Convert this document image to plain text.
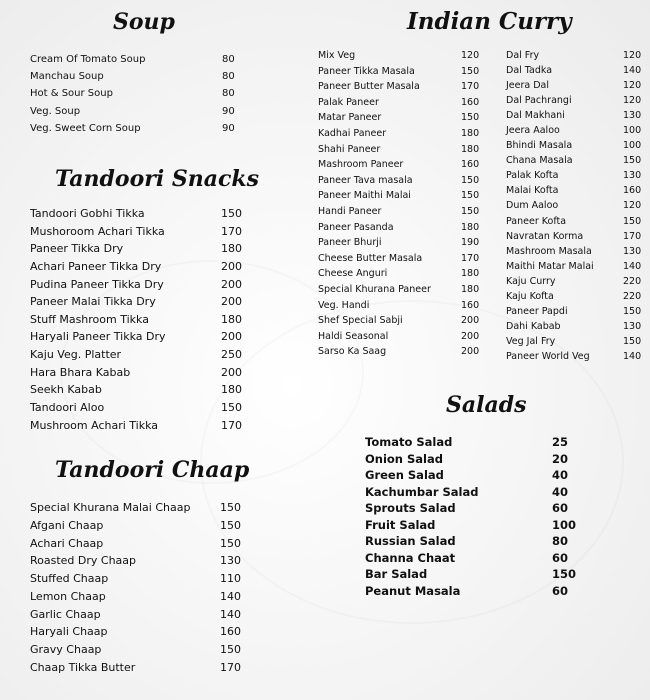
Soup
Cream Of Tomato Soup	80
Manchau Soup	80
Hot & Sour Soup	80
Veg. Soup	90
Veg. Sweet Corn Soup	90
Tandoori Snacks
Tandoori Gobhi Tikka	150
Mushoroom Achari Tikka	170
Paneer Tikka Dry	180
Achari Paneer Tikka Dry	200
Pudina Paneer Tikka Dry	200
Paneer Malai Tikka Dry	200
Stuff Mashroom Tikka	180
Haryali Paneer Tikka Dry	200
Kaju Veg. Platter	250
Hara Bhara Kabab	200
Seekh Kabab	180
Tandoori Aloo	150
Mushroom Achari Tikka	170
Tandoori Chaap
Special Khurana Malai Chaap	150
Afgani Chaap	150
Achari Chaap	150
Roasted Dry Chaap	130
Stuffed Chaap	110
Lemon Chaap	140
Garlic Chaap	140
Haryali Chaap	160
Gravy Chaap	150
Chaap Tikka Butter	170
Indian Curry
Mix Veg	120
Paneer Tikka Masala	150
Paneer Butter Masala	170
Palak Paneer	160
Matar Paneer	150
Kadhai Paneer	180
Shahi Paneer	180
Mashroom Paneer	160
Paneer Tava masala	150
Paneer Maithi Malai	150
Handi Paneer	150
Paneer Pasanda	180
Paneer Bhurji	190
Cheese Butter Masala	170
Cheese Anguri	180
Special Khurana Paneer	180
Veg. Handi	160
Shef Special Sabji	200
Haldi Seasonal	200
Sarso Ka Saag	200
Dal Fry	120
Dal Tadka	140
Jeera Dal	120
Dal Pachrangi	120
Dal Makhani	130
Jeera Aaloo	100
Bhindi Masala	100
Chana Masala	150
Palak Kofta	130
Malai Kofta	160
Dum Aaloo	120
Paneer Kofta	150
Navratan Korma	170
Mashroom Masala	130
Maithi Matar Malai	140
Kaju Curry	220
Kaju Kofta	220
Paneer Papdi	150
Dahi Kabab	130
Veg Jal Fry	150
Paneer World Veg	140
Salads
Tomato Salad	25
Onion Salad	20
Green Salad	40
Kachumbar Salad	40
Sprouts Salad	60
Fruit Salad	100
Russian Salad	80
Channa Chaat	60
Bar Salad	150
Peanut Masala	60
